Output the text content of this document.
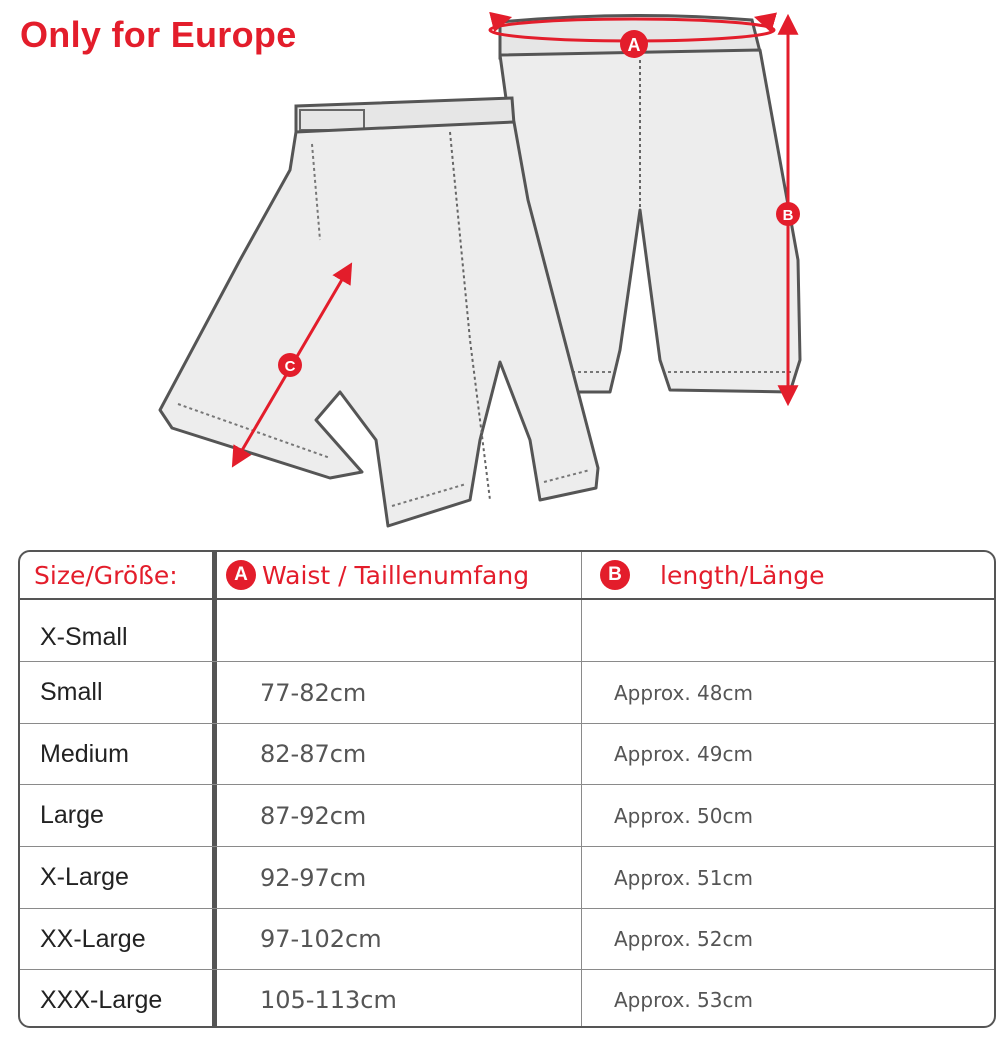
Only for Europe	A
B
C
Size/Größe:	A Waist / Taillenumfang	B	length/Länge
X-Small
Small	77-82cm	Approx. 48cm
Medium	82-87cm	Approx. 49cm
Large	87-92cm	Approx. 50cm
X-Large	92-97cm	Approx. 51cm
XX-Large	97-102cm	Approx. 52cm
XXX-Large	105-113cm	Approx. 53cm
